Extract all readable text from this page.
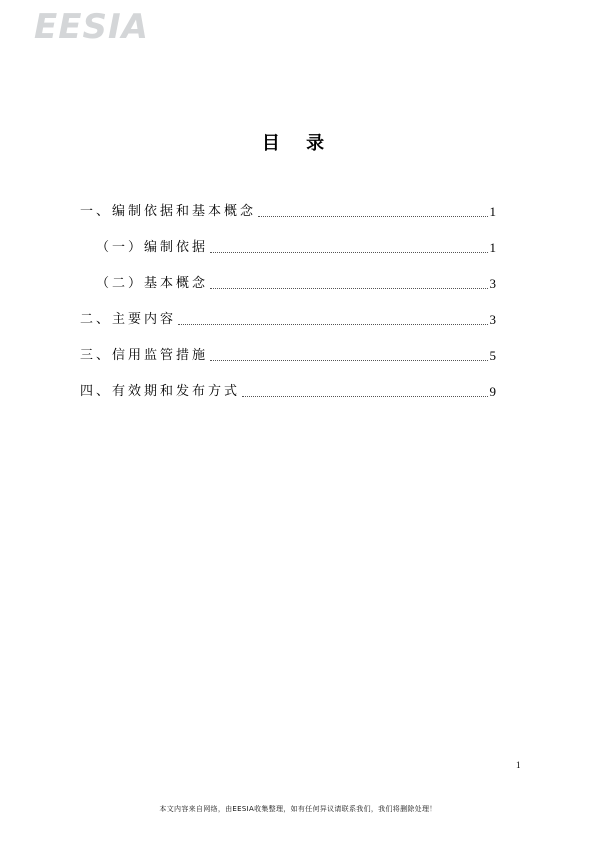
EESIA
目 录
一、编制依据和基本概念	1
（一）编制依据	1
（二）基本概念	3
二、主要内容	3
三、信用监管措施	5
四、有效期和发布方式	9
1
本文内容来自网络，由EESIA收集整理，如有任何异议请联系我们，我们将删除处理！
